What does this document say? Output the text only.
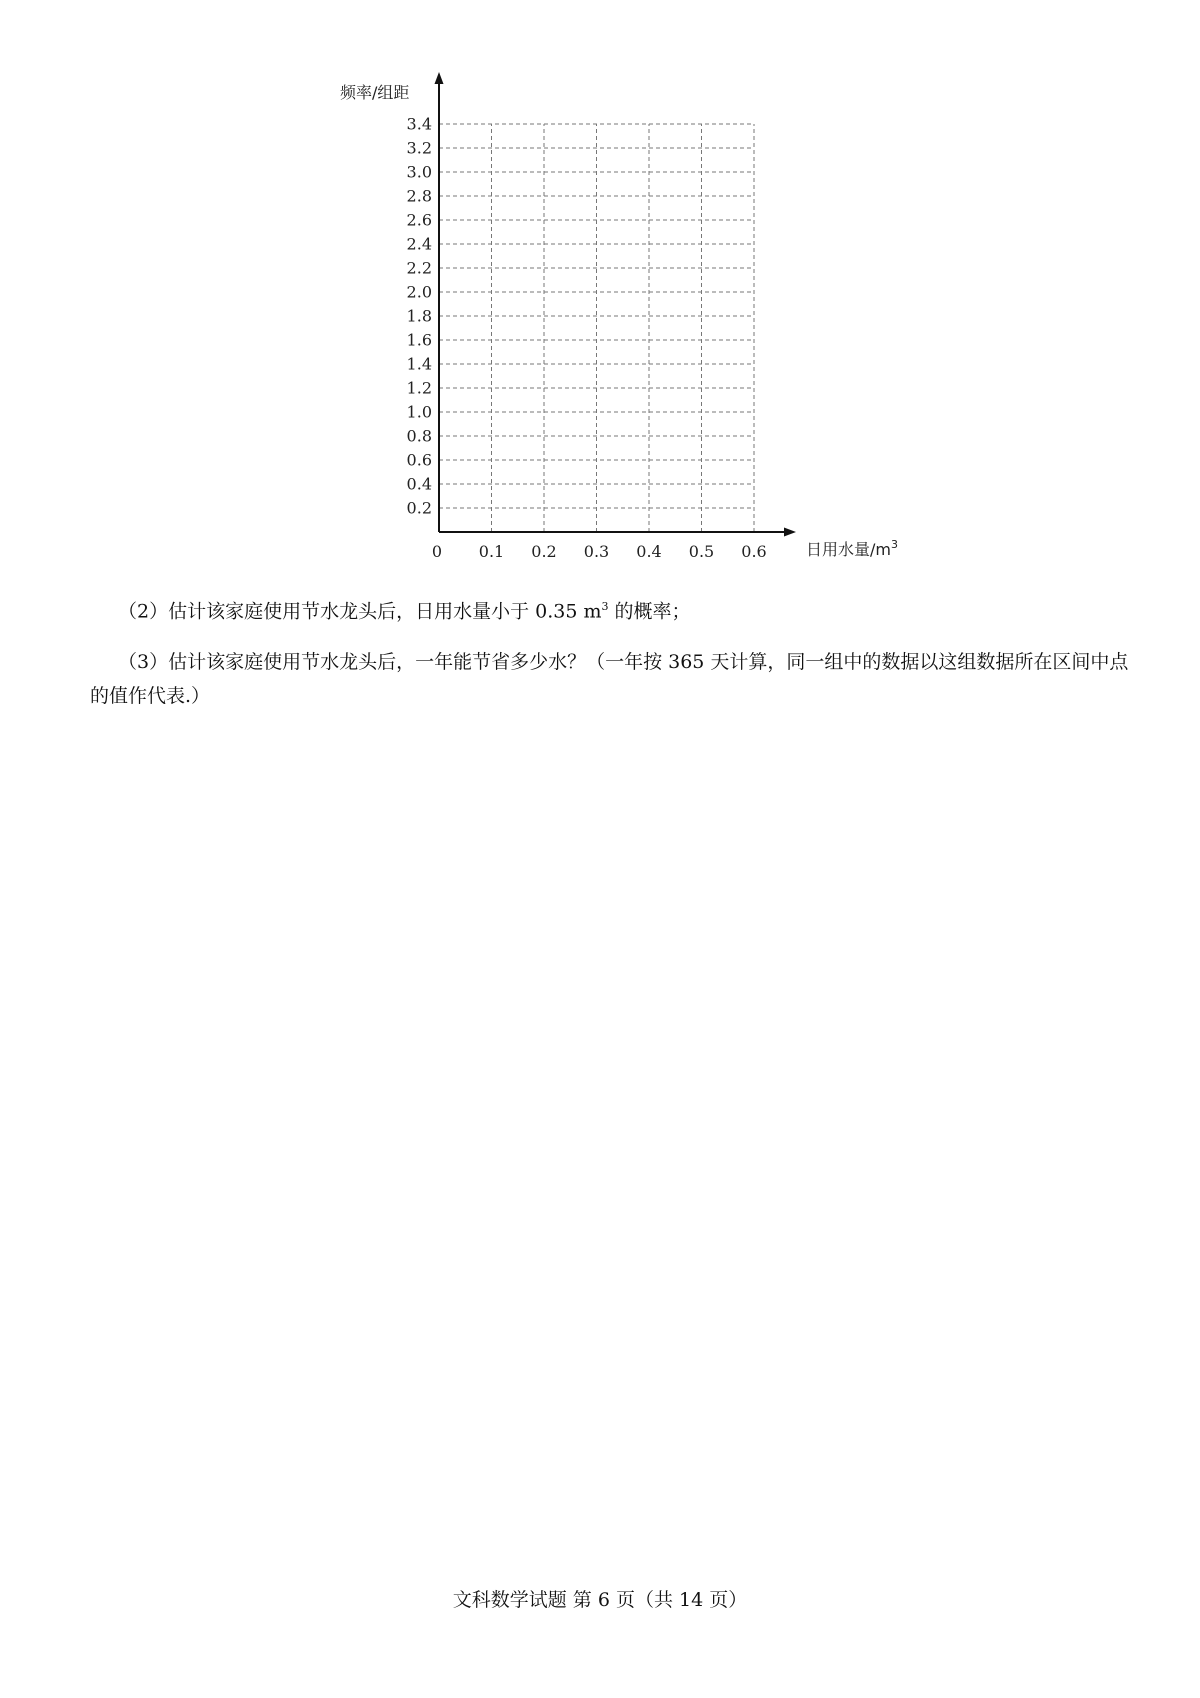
0.2
0.4
0.6
0.8
1.0
1.2
1.4
1.6
1.8
2.0
2.2
2.4
2.6
2.8
3.0
3.2
3.4
0.1 0.2 0.3 0.4 0.5 0.6
频率/组距
0	日用水量$/m^3$
（2）估计该家庭使用节水龙头后，日用水量小于 0.35 $m^3$ 的概率；
（3）估计该家庭使用节水龙头后，一年能节省多少水？（一年按 365 天计算，同一组中的数据以这组数据所在区间中点的值作代表.）
文科数学试题 第 6 页（共 14 页）
